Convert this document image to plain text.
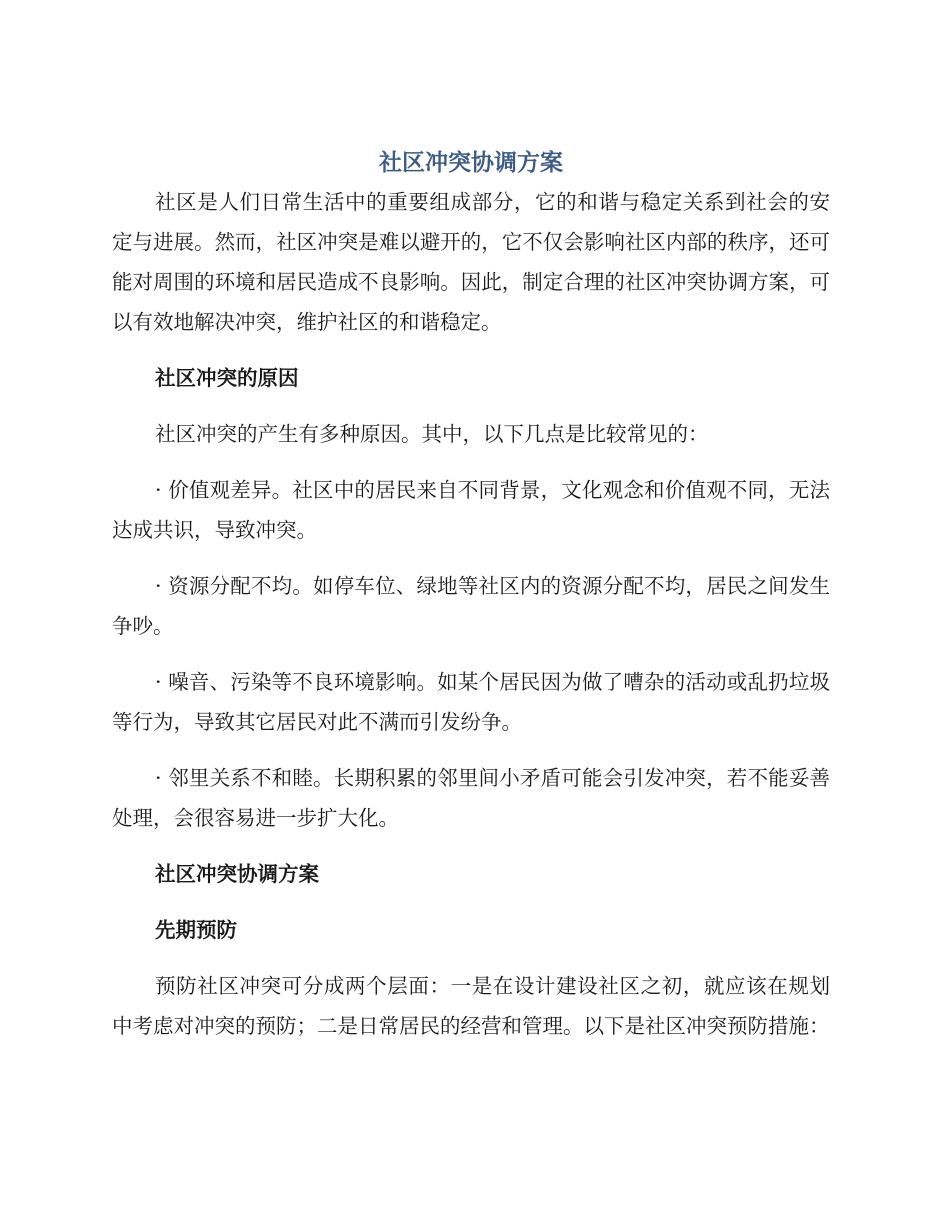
社区冲突协调方案

社区是人们日常生活中的重要组成部分，它的和谐与稳定关系到社会的安定与进展。然而，社区冲突是难以避开的，它不仅会影响社区内部的秩序，还可能对周围的环境和居民造成不良影响。因此，制定合理的社区冲突协调方案，可以有效地解决冲突，维护社区的和谐稳定。

社区冲突的原因

社区冲突的产生有多种原因。其中，以下几点是比较常见的：

· 价值观差异。社区中的居民来自不同背景，文化观念和价值观不同，无法达成共识，导致冲突。

· 资源分配不均。如停车位、绿地等社区内的资源分配不均，居民之间发生争吵。

· 噪音、污染等不良环境影响。如某个居民因为做了嘈杂的活动或乱扔垃圾等行为，导致其它居民对此不满而引发纷争。

· 邻里关系不和睦。长期积累的邻里间小矛盾可能会引发冲突，若不能妥善处理，会很容易进一步扩大化。

社区冲突协调方案
先期预防

预防社区冲突可分成两个层面：一是在设计建设社区之初，就应该在规划中考虑对冲突的预防；二是日常居民的经营和管理。以下是社区冲突预防措施：
